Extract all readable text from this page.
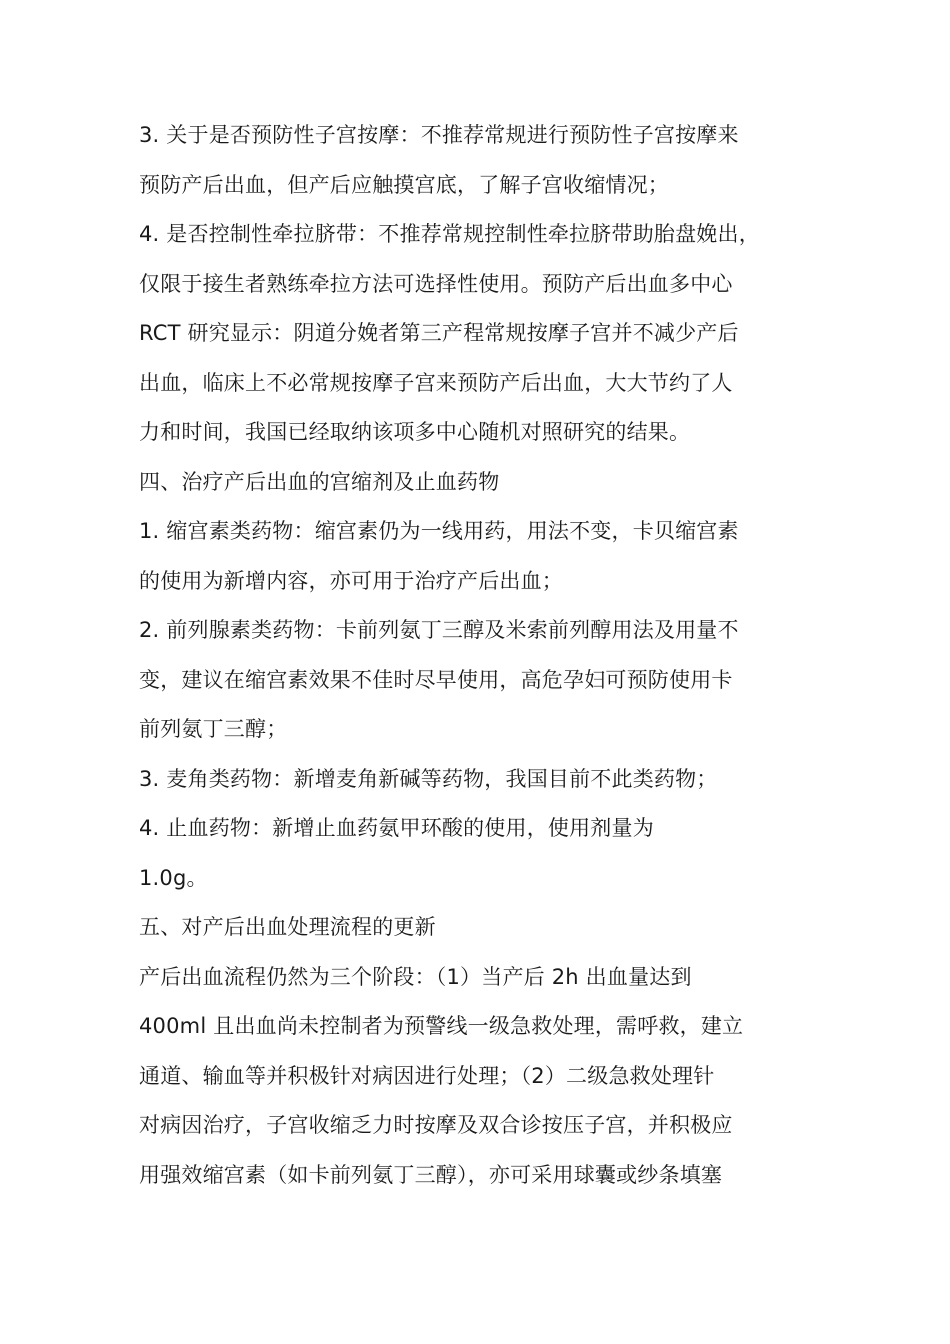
3. 关于是否预防性子宫按摩：不推荐常规进行预防性子宫按摩来
预防产后出血，但产后应触摸宫底，了解子宫收缩情况；
4. 是否控制性牵拉脐带：不推荐常规控制性牵拉脐带助胎盘娩出，
仅限于接生者熟练牵拉方法可选择性使用。预防产后出血多中心
RCT 研究显示：阴道分娩者第三产程常规按摩子宫并不减少产后
出血，临床上不必常规按摩子宫来预防产后出血，大大节约了人
力和时间，我国已经取纳该项多中心随机对照研究的结果。
四、治疗产后出血的宫缩剂及止血药物
1. 缩宫素类药物：缩宫素仍为一线用药，用法不变，卡贝缩宫素
的使用为新增内容，亦可用于治疗产后出血；
2. 前列腺素类药物：卡前列氨丁三醇及米索前列醇用法及用量不
变，建议在缩宫素效果不佳时尽早使用，高危孕妇可预防使用卡
前列氨丁三醇；
3. 麦角类药物：新增麦角新碱等药物，我国目前不此类药物；
4. 止血药物：新增止血药氨甲环酸的使用，使用剂量为
1.0g。
五、对产后出血处理流程的更新
产后出血流程仍然为三个阶段：（1）当产后 2h 出血量达到
400ml 且出血尚未控制者为预警线一级急救处理，需呼救，建立
通道、输血等并积极针对病因进行处理；（2）二级急救处理针
对病因治疗，子宫收缩乏力时按摩及双合诊按压子宫，并积极应
用强效缩宫素（如卡前列氨丁三醇），亦可采用球囊或纱条填塞
